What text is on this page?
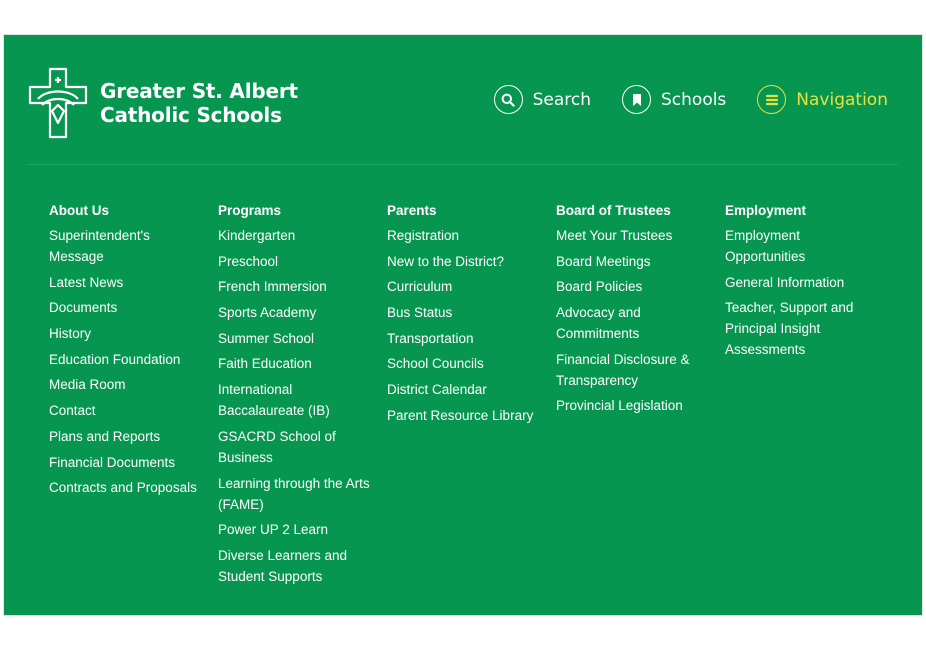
Greater St. Albert
Catholic Schools
Search	Schools	Navigation
About Us
Superintendent's Message
Latest News
Documents
History
Education Foundation
Media Room
Contact
Plans and Reports
Financial Documents
Contracts and Proposals
Programs
Kindergarten
Preschool
French Immersion
Sports Academy
Summer School
Faith Education
International Baccalaureate (IB)
GSACRD School of Business
Learning through the Arts (FAME)
Power UP 2 Learn
Diverse Learners and Student Supports
Parents
Registration
New to the District?
Curriculum
Bus Status
Transportation
School Councils
District Calendar
Parent Resource Library
Board of Trustees
Meet Your Trustees
Board Meetings
Board Policies
Advocacy and Commitments
Financial Disclosure & Transparency
Provincial Legislation
Employment
Employment Opportunities
General Information
Teacher, Support and Principal Insight Assessments
